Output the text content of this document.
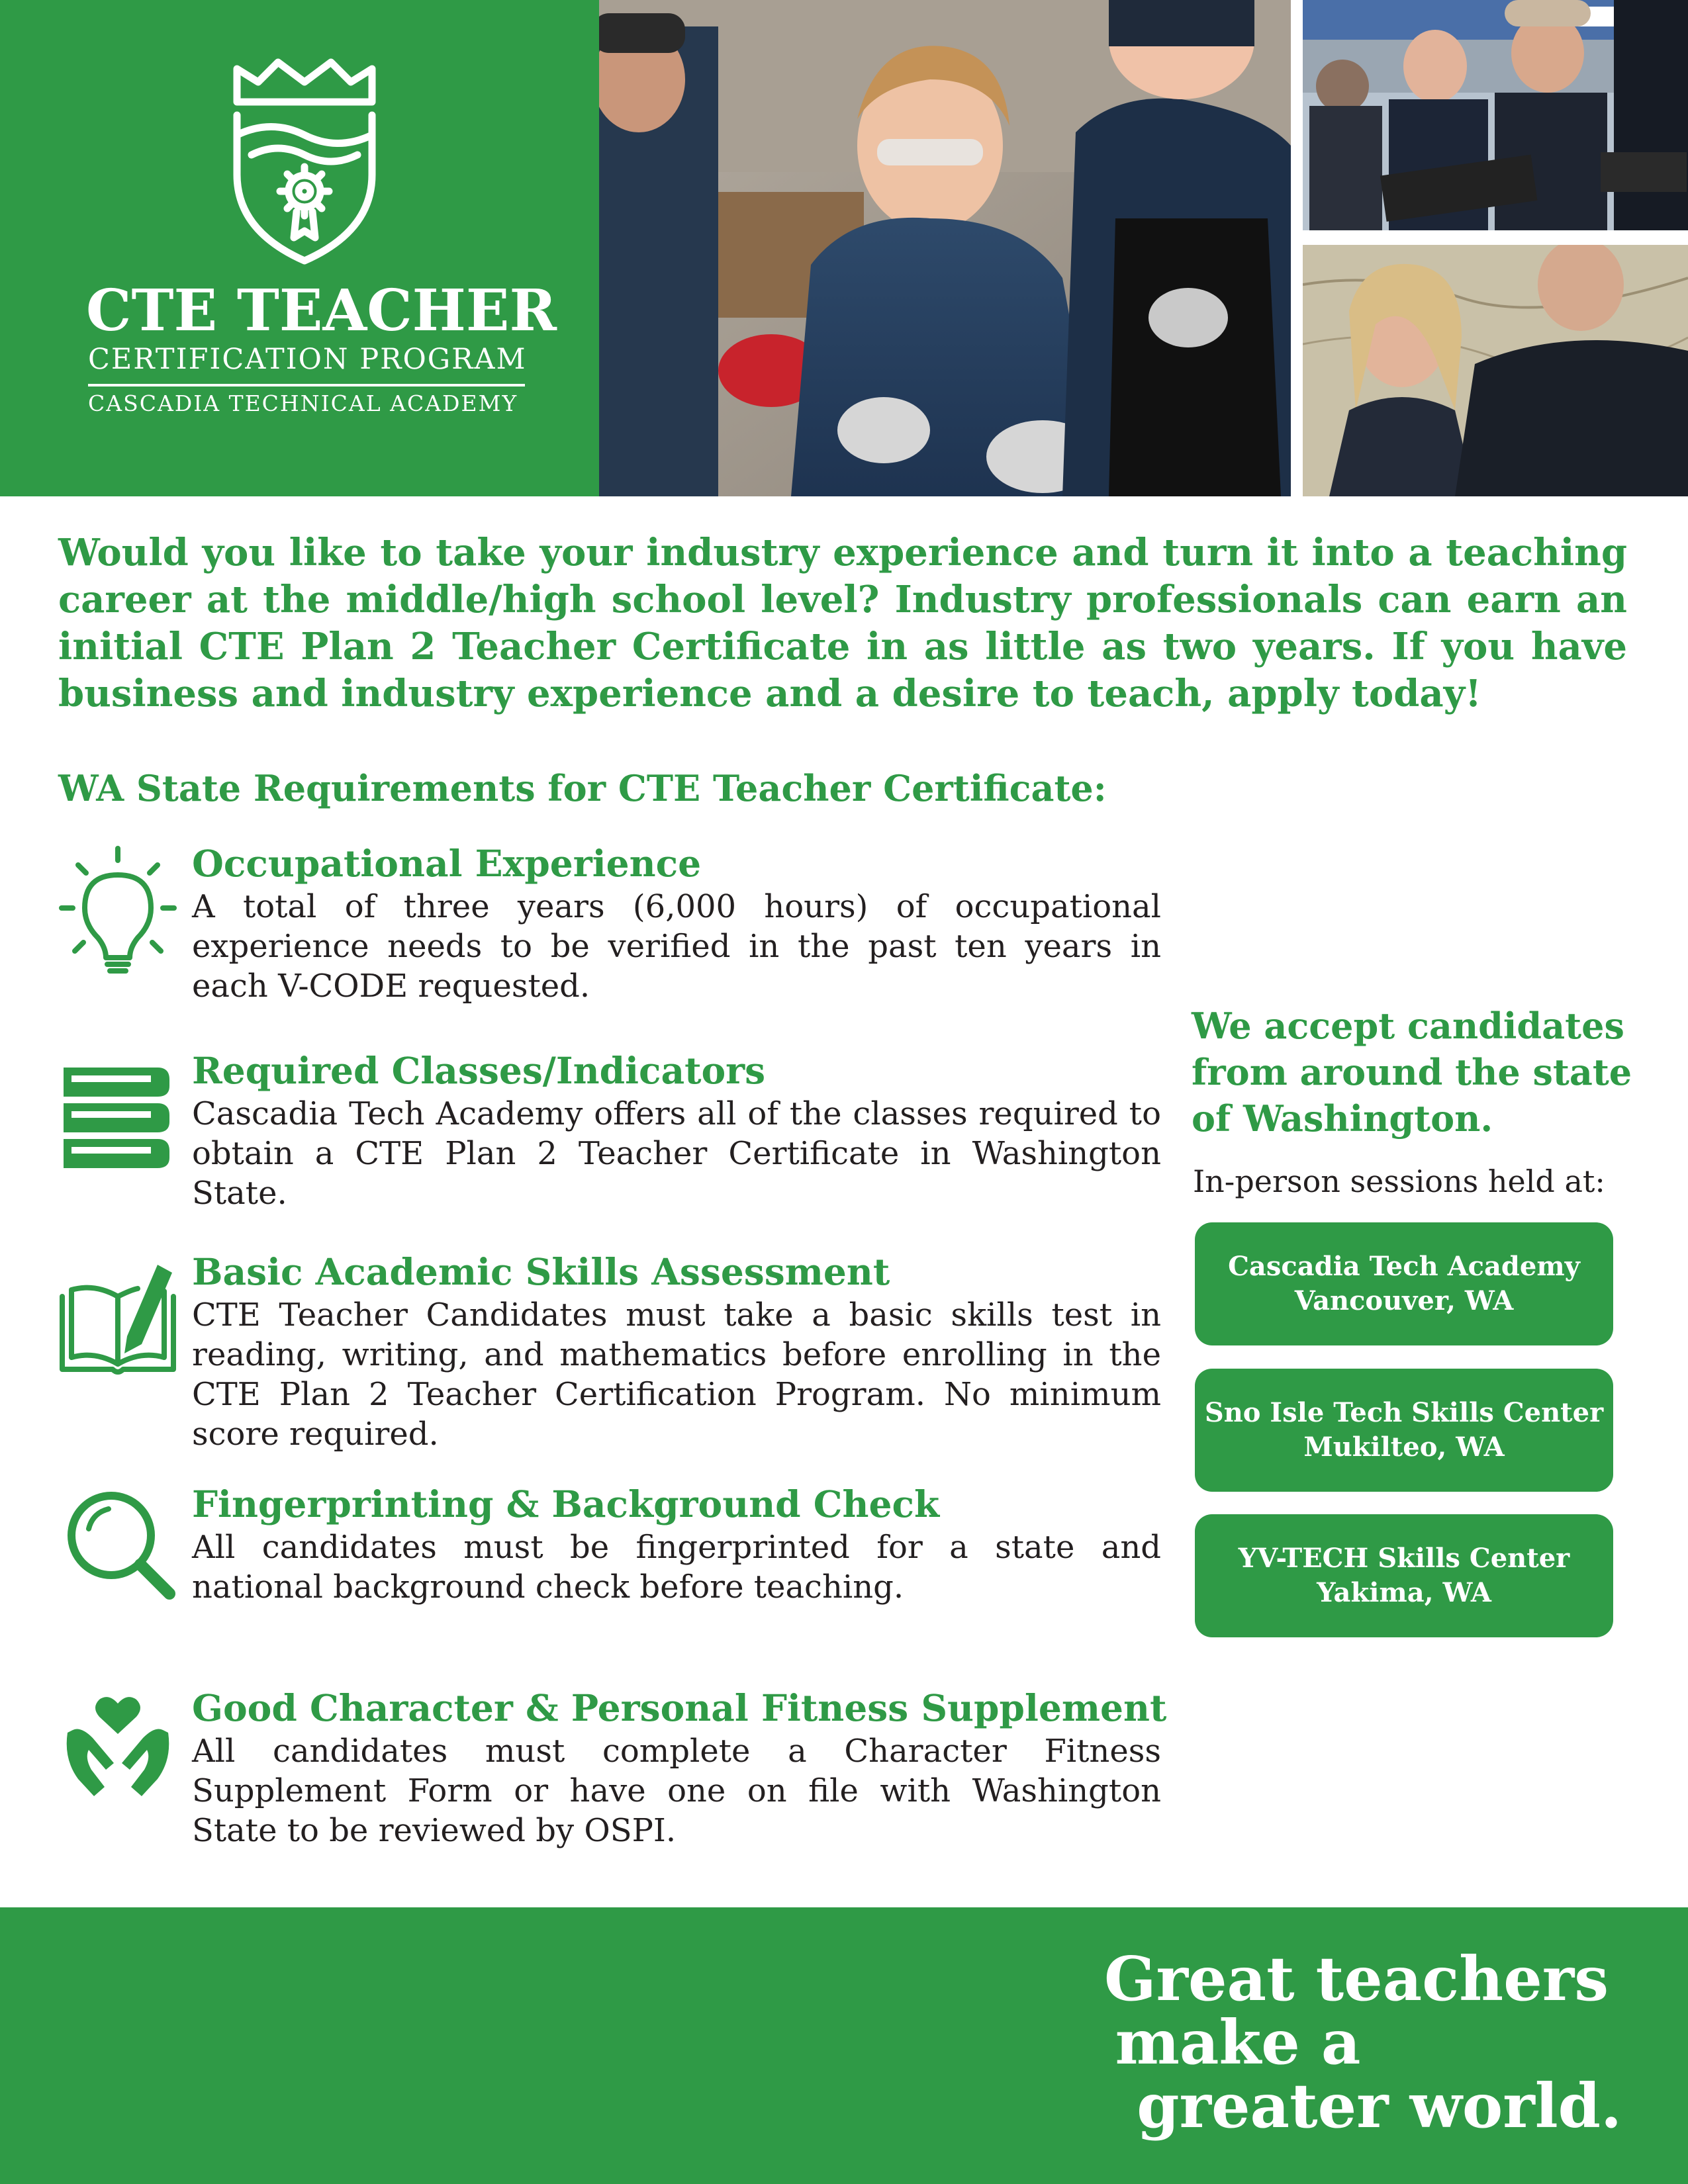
CTE TEACHER
CERTIFICATION PROGRAM
CASCADIA TECHNICAL ACADEMY
Would you like to take your industry experience and turn it into a teaching career at the middle/high school level? Industry professionals can earn an initial CTE Plan 2 Teacher Certificate in as little as two years. If you have business and industry experience and a desire to teach, apply today!
WA State Requirements for CTE Teacher Certificate:
Occupational Experience
A total of three years (6,000 hours) of occupational experience needs to be verified in the past ten years in each V-CODE requested.
Required Classes/Indicators
Cascadia Tech Academy offers all of the classes required to obtain a CTE Plan 2 Teacher Certificate in Washington State.
Basic Academic Skills Assessment
CTE Teacher Candidates must take a basic skills test in reading, writing, and mathematics before enrolling in the CTE Plan 2 Teacher Certification Program. No minimum score required.
Fingerprinting & Background Check
All candidates must be fingerprinted for a state and national background check before teaching.
Good Character & Personal Fitness Supplement
All candidates must complete a Character Fitness Supplement Form or have one on file with Washington State to be reviewed by OSPI.
We accept candidates from around the state of Washington.
In-person sessions held at:
Cascadia Tech Academy
Vancouver, WA
Sno Isle Tech Skills Center
Mukilteo, WA
YV-TECH Skills Center
Yakima, WA
Great teachers
make a
greater world.
